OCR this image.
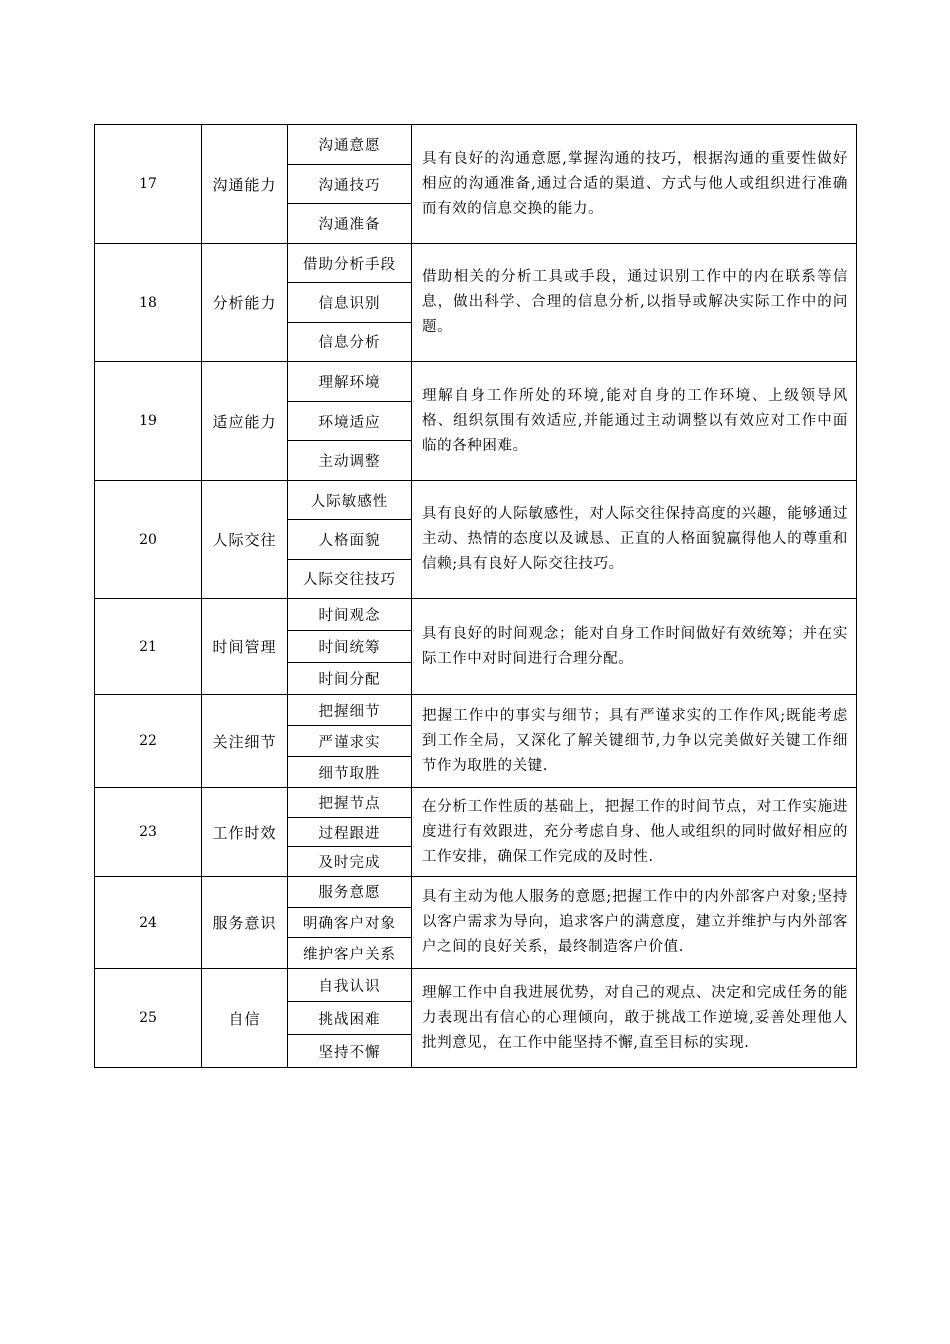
17	沟通能力
沟通意愿
沟通技巧
沟通准备
具有良好的沟通意愿,掌握沟通的技巧，根据沟通的重要性做好相应的沟通准备,通过合适的渠道、方式与他人或组织进行准确而有效的信息交换的能力。
18	分析能力
借助分析手段
信息识别
信息分析
借助相关的分析工具或手段，通过识别工作中的内在联系等信息，做出科学、合理的信息分析,以指导或解决实际工作中的问题。
19	适应能力
理解环境
环境适应
主动调整
理解自身工作所处的环境,能对自身的工作环境、上级领导风格、组织氛围有效适应,并能通过主动调整以有效应对工作中面临的各种困难。
20	人际交往
人际敏感性
人格面貌
人际交往技巧
具有良好的人际敏感性，对人际交往保持高度的兴趣，能够通过主动、热情的态度以及诚恳、正直的人格面貌赢得他人的尊重和信赖;具有良好人际交往技巧。
21	时间管理
时间观念
时间统筹
时间分配
具有良好的时间观念；能对自身工作时间做好有效统筹；并在实际工作中对时间进行合理分配。
22	关注细节
把握细节
严谨求实
细节取胜
把握工作中的事实与细节；具有严谨求实的工作作风;既能考虑到工作全局，又深化了解关键细节,力争以完美做好关键工作细节作为取胜的关键.
23	工作时效
把握节点
过程跟进
及时完成
在分析工作性质的基础上，把握工作的时间节点，对工作实施进度进行有效跟进，充分考虑自身、他人或组织的同时做好相应的工作安排，确保工作完成的及时性.
24	服务意识
服务意愿
明确客户对象
维护客户关系
具有主动为他人服务的意愿;把握工作中的内外部客户对象;坚持以客户需求为导向，追求客户的满意度，建立并维护与内外部客户之间的良好关系，最终制造客户价值.
25	自信
自我认识
挑战困难
坚持不懈
理解工作中自我进展优势，对自己的观点、决定和完成任务的能力表现出有信心的心理倾向，敢于挑战工作逆境,妥善处理他人批判意见，在工作中能坚持不懈,直至目标的实现.
